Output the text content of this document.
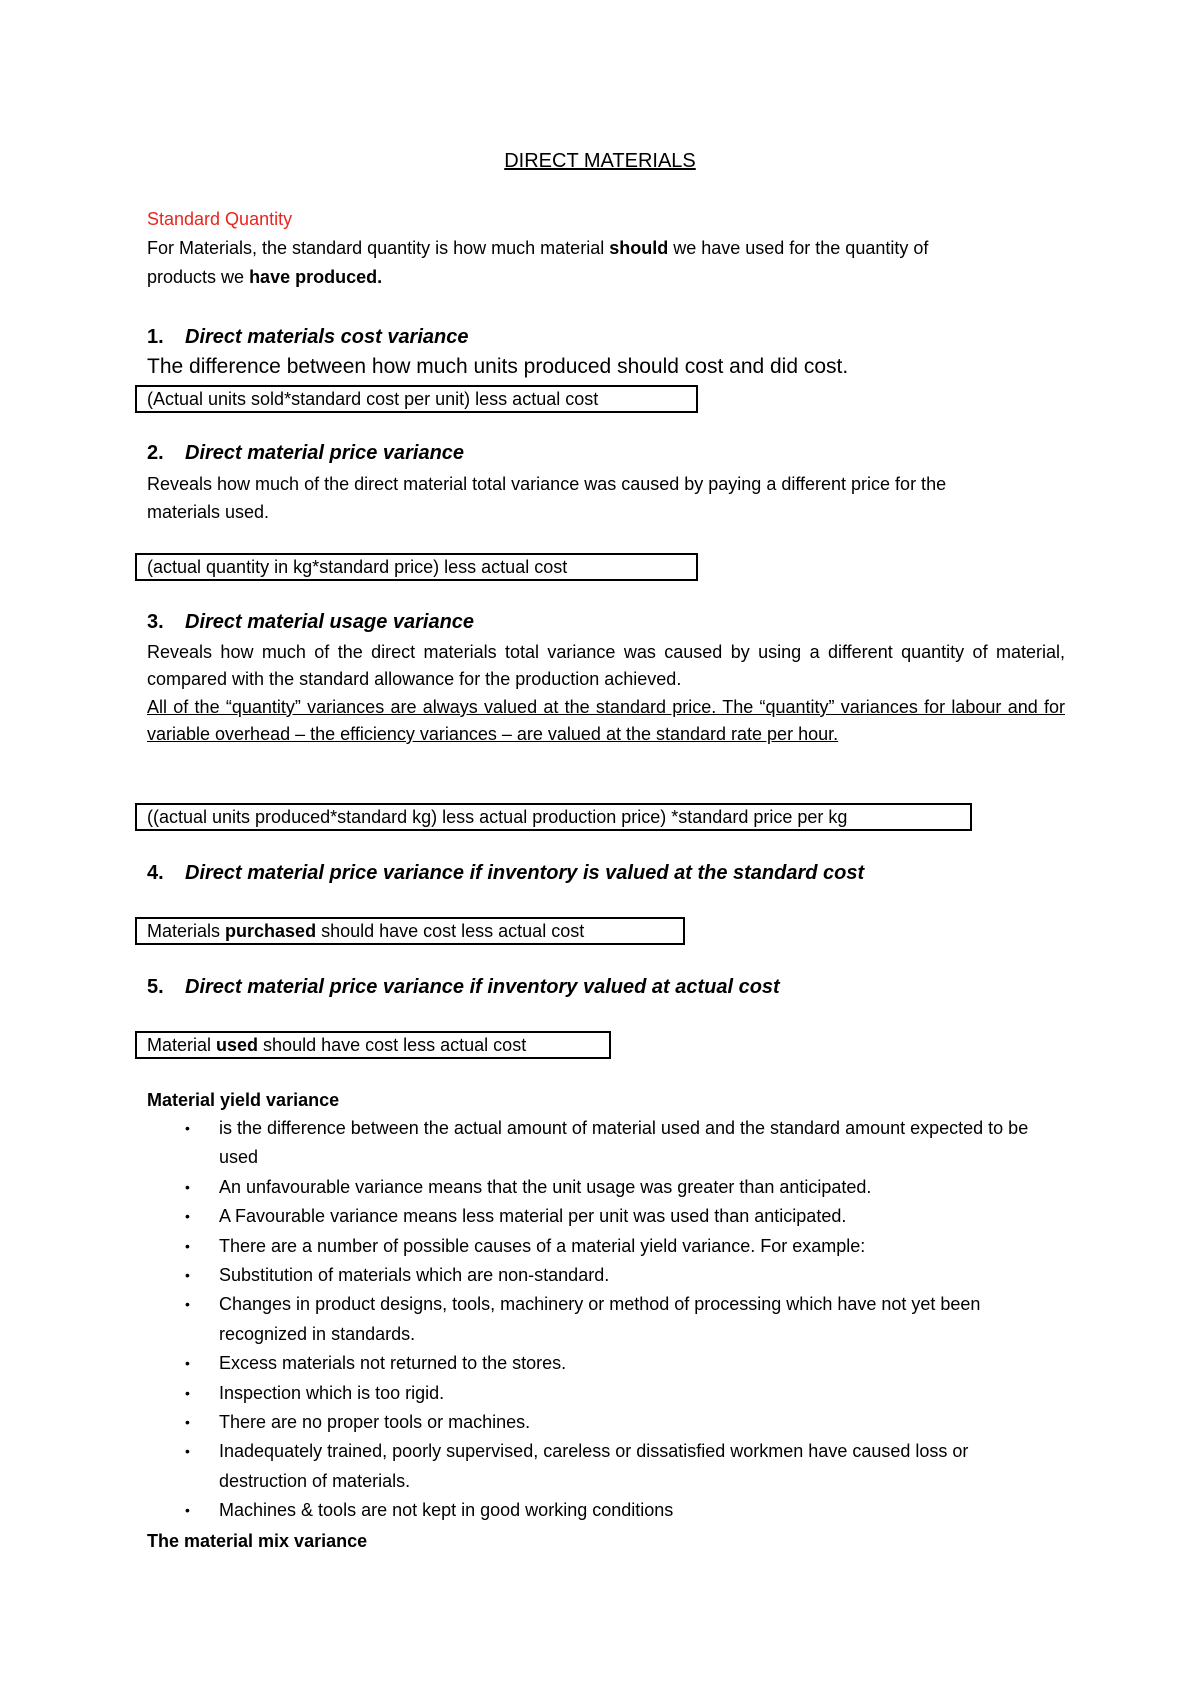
DIRECT MATERIALS
Standard Quantity
For Materials, the standard quantity is how much material should we have used for the quantity of
products we have produced.
1. Direct materials cost variance
The difference between how much units produced should cost and did cost.
(Actual units sold*standard cost per unit) less actual cost
2. Direct material price variance
Reveals how much of the direct material total variance was caused by paying a different price for the
materials used.
(actual quantity in kg*standard price) less actual cost
3. Direct material usage variance
Reveals how much of the direct materials total variance was caused by using a different quantity of material, compared with the standard allowance for the production achieved.
All of the “quantity” variances are always valued at the standard price. The “quantity” variances for labour and for variable overhead – the efficiency variances – are valued at the standard rate per hour.
((actual units produced*standard kg) less actual production price) *standard price per kg
4. Direct material price variance if inventory is valued at the standard cost
Materials purchased should have cost less actual cost
5. Direct material price variance if inventory valued at actual cost
Material used should have cost less actual cost
Material yield variance
• is the difference between the actual amount of material used and the standard amount expected to be used
• An unfavourable variance means that the unit usage was greater than anticipated.
• A Favourable variance means less material per unit was used than anticipated.
• There are a number of possible causes of a material yield variance. For example:
• Substitution of materials which are non-standard.
• Changes in product designs, tools, machinery or method of processing which have not yet been recognized in standards.
• Excess materials not returned to the stores.
• Inspection which is too rigid.
• There are no proper tools or machines.
• Inadequately trained, poorly supervised, careless or dissatisfied workmen have caused loss or destruction of materials.
• Machines & tools are not kept in good working conditions
The material mix variance
